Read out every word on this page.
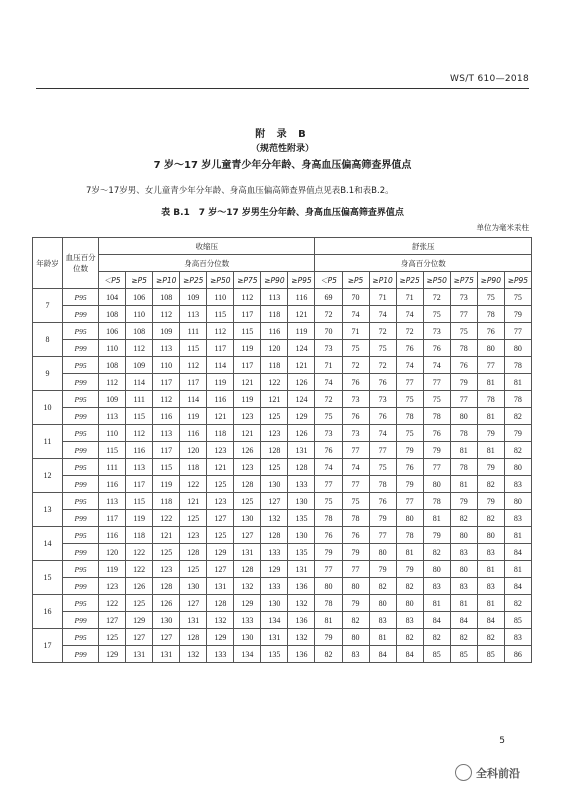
WS/T 610—2018
附 录 B
（规范性附录）
7 岁～17 岁儿童青少年分年龄、身高血压偏高筛查界值点
7岁～17岁男、女儿童青少年分年龄、身高血压偏高筛查界值点见表B.1和表B.2。
表 B.1　7 岁～17 岁男生分年龄、身高血压偏高筛查界值点
单位为毫米汞柱
年龄岁	血压百分位数	收缩压								舒张压							
		身高百分位数								身高百分位数							
		＜P5	≥P5	≥P10	≥P25	≥P50	≥P75	≥P90	≥P95	＜P5	≥P5	≥P10	≥P25	≥P50	≥P75	≥P90	≥P95
7	P95	104	106	108	109	110	112	113	116	69	70	71	71	72	73	75	75
	P99	108	110	112	113	115	117	118	121	72	74	74	74	75	77	78	79
8	P95	106	108	109	111	112	115	116	119	70	71	72	72	73	75	76	77
	P99	110	112	113	115	117	119	120	124	73	75	75	76	76	78	80	80
9	P95	108	109	110	112	114	117	118	121	71	72	72	74	74	76	77	78
	P99	112	114	117	117	119	121	122	126	74	76	76	77	77	79	81	81
10	P95	109	111	112	114	116	119	121	124	72	73	73	75	75	77	78	78
	P99	113	115	116	119	121	123	125	129	75	76	76	78	78	80	81	82
11	P95	110	112	113	116	118	121	123	126	73	73	74	75	76	78	79	79
	P99	115	116	117	120	123	126	128	131	76	77	77	79	79	81	81	82
12	P95	111	113	115	118	121	123	125	128	74	74	75	76	77	78	79	80
	P99	116	117	119	122	125	128	130	133	77	77	78	79	80	81	82	83
13	P95	113	115	118	121	123	125	127	130	75	75	76	77	78	79	79	80
	P99	117	119	122	125	127	130	132	135	78	78	79	80	81	82	82	83
14	P95	116	118	121	123	125	127	128	130	76	76	77	78	79	80	80	81
	P99	120	122	125	128	129	131	133	135	79	79	80	81	82	83	83	84
15	P95	119	122	123	125	127	128	129	131	77	77	79	79	80	80	81	81
	P99	123	126	128	130	131	132	133	136	80	80	82	82	83	83	83	84
16	P95	122	125	126	127	128	129	130	132	78	79	80	80	81	81	81	82
	P99	127	129	130	131	132	133	134	136	81	82	83	83	84	84	84	85
17	P95	125	127	127	128	129	130	131	132	79	80	81	82	82	82	82	83
	P99	129	131	131	132	133	134	135	136	82	83	84	84	85	85	85	86
5
全科前沿
